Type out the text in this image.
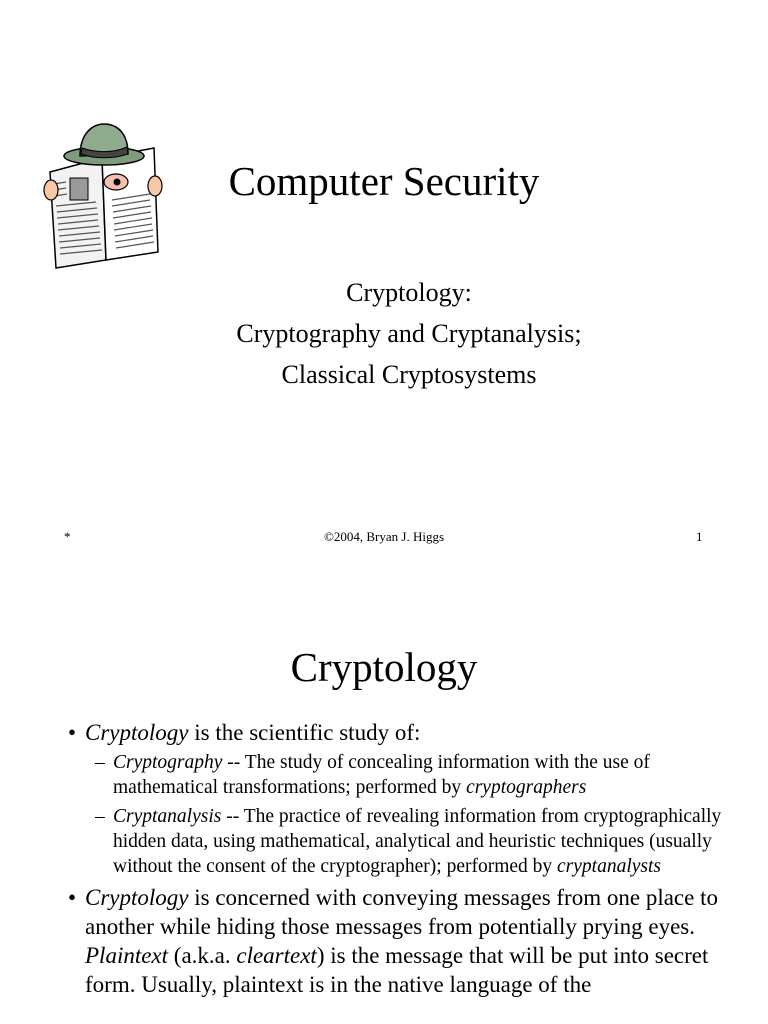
Computer Security
Cryptology:
Cryptography and Cryptanalysis;
Classical Cryptosystems
*	©2004, Bryan J. Higgs	1
Cryptology
• Cryptology is the scientific study of:
– Cryptography -- The study of concealing information with the use of mathematical transformations; performed by cryptographers
– Cryptanalysis -- The practice of revealing information from cryptographically hidden data, using mathematical, analytical and heuristic techniques (usually without the consent of the cryptographer); performed by cryptanalysts
• Cryptology is concerned with conveying messages from one place to another while hiding those messages from potentially prying eyes. Plaintext (a.k.a. cleartext) is the message that will be put into secret form. Usually, plaintext is in the native language of the
